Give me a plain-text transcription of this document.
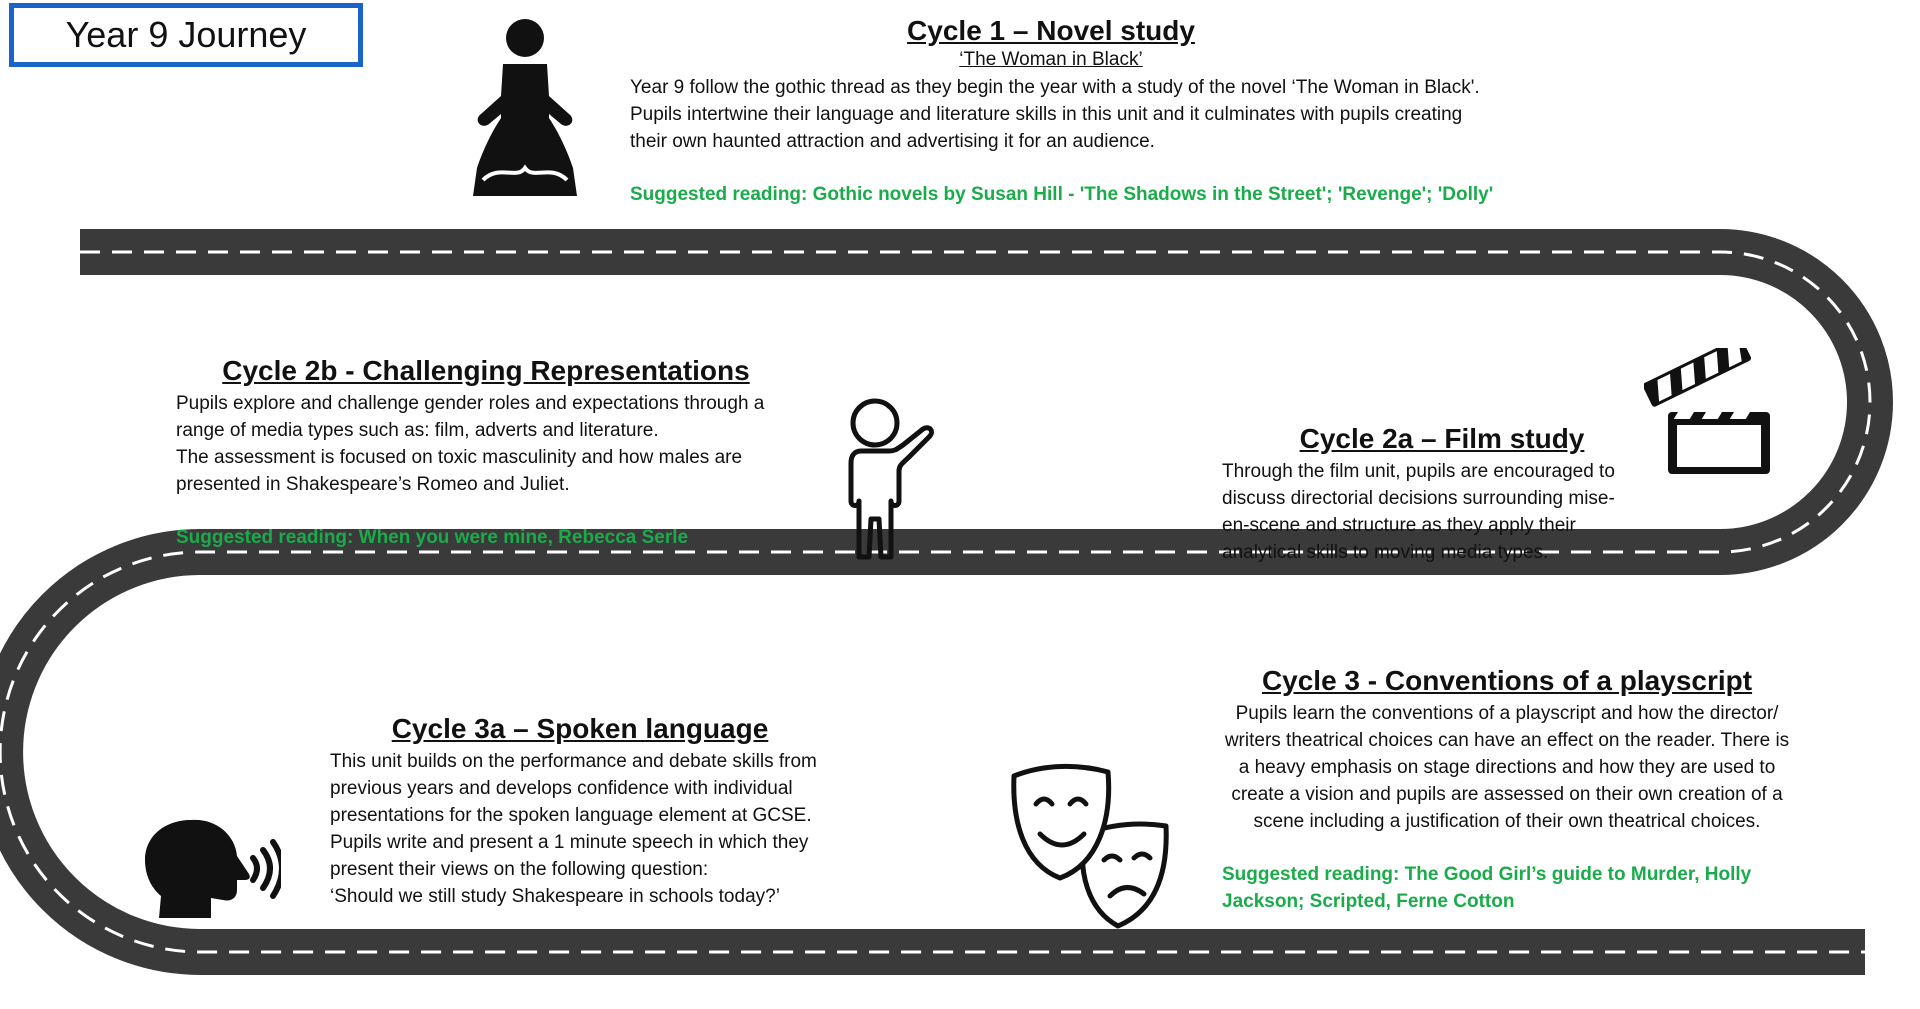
Year 9 Journey	Cycle 1 – Novel study
‘The Woman in Black’

Year 9 follow the gothic thread as they begin the year with a study of the novel ‘The Woman in Black'. Pupils intertwine their language and literature skills in this unit and it culminates with pupils creating their own haunted attraction and advertising it for an audience.

Suggested reading: Gothic novels by Susan Hill - 'The Shadows in the Street'; 'Revenge'; 'Dolly'

Cycle 2b - Challenging Representations

Pupils explore and challenge gender roles and expectations through a range of media types such as: film, adverts and literature.
The assessment is focused on toxic masculinity and how males are presented in Shakespeare’s Romeo and Juliet.

Suggested reading: When you were mine, Rebecca Serle

Cycle 2a – Film study

Through the film unit, pupils are encouraged to discuss directorial decisions surrounding mise-en-scene and structure as they apply their analytical skills to moving media types.

Cycle 3 - Conventions of a playscript

Pupils learn the conventions of a playscript and how the director/ writers theatrical choices can have an effect on the reader. There is a heavy emphasis on stage directions and how they are used to create a vision and pupils are assessed on their own creation of a scene including a justification of their own theatrical choices.

Suggested reading: The Good Girl’s guide to Murder, Holly Jackson; Scripted, Ferne Cotton

Cycle 3a – Spoken language

This unit builds on the performance and debate skills from previous years and develops confidence with individual presentations for the spoken language element at GCSE. Pupils write and present a 1 minute speech in which they present their views on the following question:
‘Should we still study Shakespeare in schools today?’
